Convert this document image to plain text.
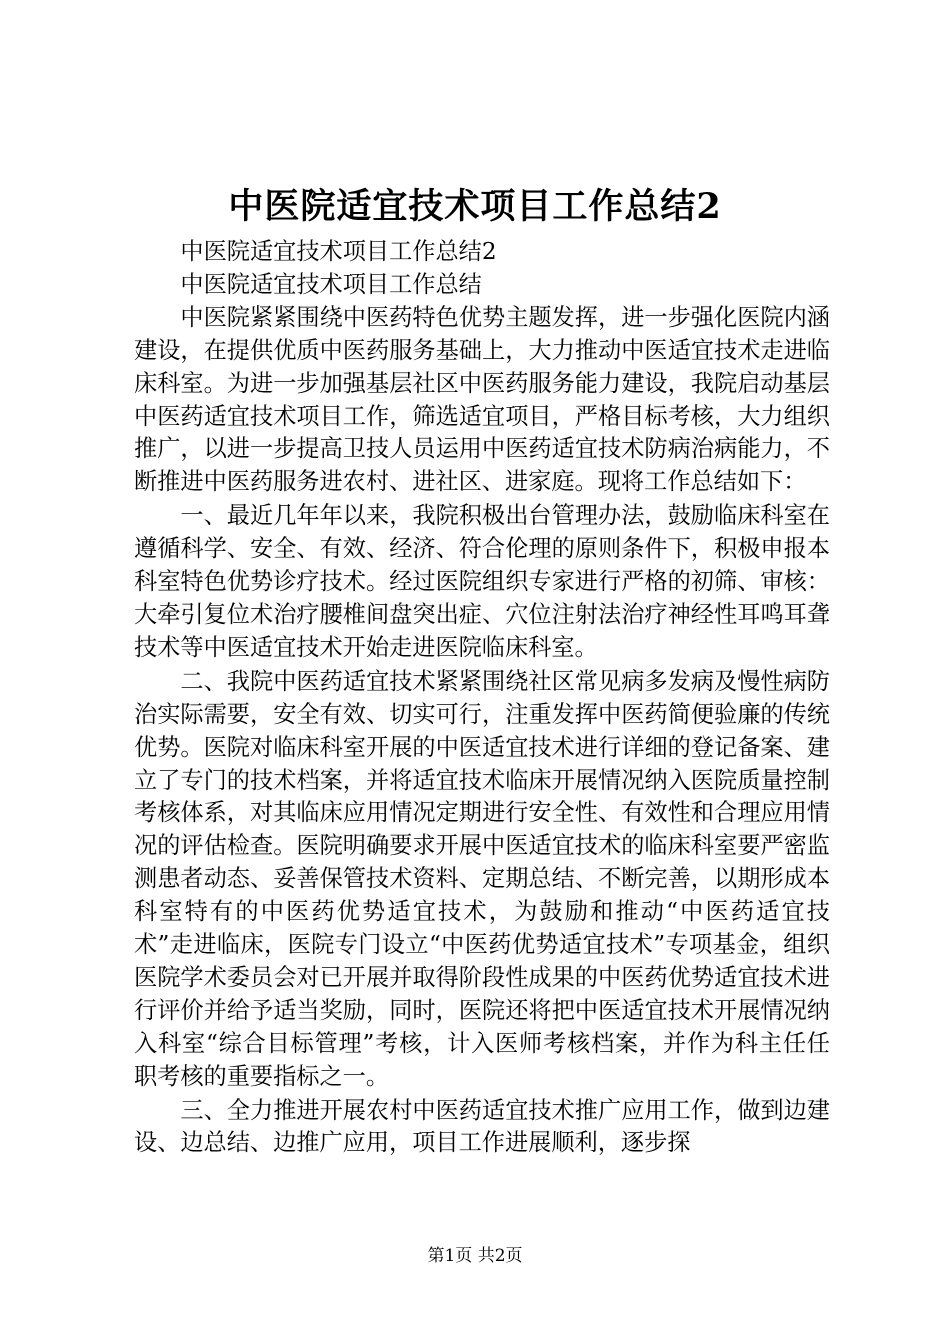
中医院适宜技术项目工作总结2

中医院适宜技术项目工作总结2

中医院适宜技术项目工作总结

中医院紧紧围绕中医药特色优势主题发挥，进一步强化医院内涵建设，在提供优质中医药服务基础上，大力推动中医适宜技术走进临床科室。为进一步加强基层社区中医药服务能力建设，我院启动基层中医药适宜技术项目工作，筛选适宜项目，严格目标考核，大力组织推广，以进一步提高卫技人员运用中医药适宜技术防病治病能力，不断推进中医药服务进农村、进社区、进家庭。现将工作总结如下：

一、最近几年年以来，我院积极出台管理办法，鼓励临床科室在遵循科学、安全、有效、经济、符合伦理的原则条件下，积极申报本科室特色优势诊疗技术。经过医院组织专家进行严格的初筛、审核：大牵引复位术治疗腰椎间盘突出症、穴位注射法治疗神经性耳鸣耳聋技术等中医适宜技术开始走进医院临床科室。

二、我院中医药适宜技术紧紧围绕社区常见病多发病及慢性病防治实际需要，安全有效、切实可行，注重发挥中医药简便验廉的传统优势。医院对临床科室开展的中医适宜技术进行详细的登记备案、建立了专门的技术档案，并将适宜技术临床开展情况纳入医院质量控制考核体系，对其临床应用情况定期进行安全性、有效性和合理应用情况的评估检查。医院明确要求开展中医适宜技术的临床科室要严密监测患者动态、妥善保管技术资料、定期总结、不断完善，以期形成本科室特有的中医药优势适宜技术，为鼓励和推动“中医药适宜技术”走进临床，医院专门设立“中医药优势适宜技术”专项基金，组织医院学术委员会对已开展并取得阶段性成果的中医药优势适宜技术进行评价并给予适当奖励，同时，医院还将把中医适宜技术开展情况纳入科室“综合目标管理”考核，计入医师考核档案，并作为科主任任职考核的重要指标之一。

三、全力推进开展农村中医药适宜技术推广应用工作，做到边建设、边总结、边推广应用，项目工作进展顺利，逐步探

第1页 共2页
